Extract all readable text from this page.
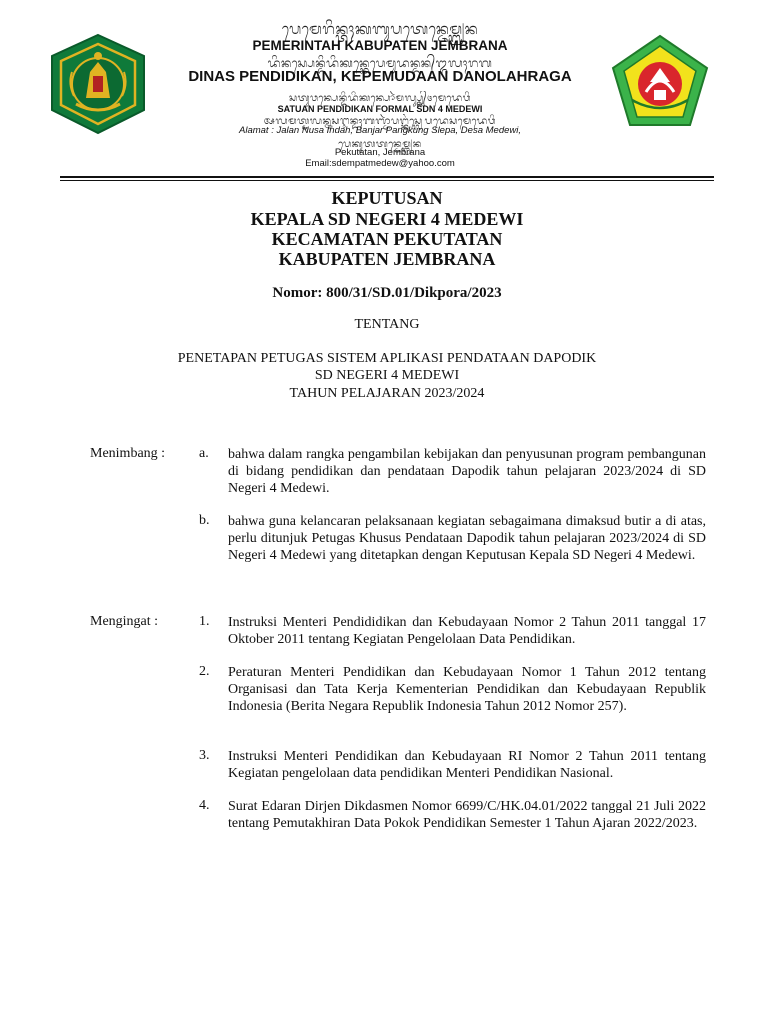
ᬧᬾᬫᬾᬭᬶᬦ᭄ᬢᬄᬓᬩᬸᬧᬢᬾᬦ᭄ᬚᬾᬫ᭄ᬩ᭄ᬭᬦ
PEMERINTAH KABUPATEN JEMBRANA
ᬤᬶᬦᬲ᭄ᬧᬾᬦ᭄ᬤᬶᬤᬶᬓᬦ᭄ᬓᬾᬧᬾᬫᬸᬤᬦ᭄ᬤᬦ᭄ᬑᬮᬄᬭᬕ
DINAS PENDIDIKAN, KEPEMUDAAN DANOLAHRAGA
ᬲᬢᬸᬯᬦ᭄ᬧᬾᬦ᭄ᬤᬶᬤᬶᬓᬦ᭄ᬧᭀᬃᬫᬮ᭄ᬲ᭄ᬤ᭄ᬦ᭄᭔ᬫᬾᬤᬾᬯᬶ
SATUAN PENDIDIKAN FORMAL SDN 4 MEDEWI
ᬅᬮᬫᬢ᭄ᬚᬮᬦ᭄ᬦᬸᬲᬇᬦ᭄ᬤᬄᬩᬜ᭄ᬚᬃᬧᬗ᭄ᬓᬸᬂᬲ᭄ᬮᬾᬧᬤᬾᬲᬫᬾᬤᬾᬯᬶ
Alamat : Jalan Nusa Indah, Banjar Pangkung Slepa, Desa Medewi,
ᬧᬾᬓᬸᬢᬢᬦ᭄ᬚᬾᬫ᭄ᬩ᭄ᬭᬦ
Pekutatan, Jembrana
Email:sdempatmedew@yahoo.com
KEPUTUSAN
KEPALA SD NEGERI 4 MEDEWI
KECAMATAN PEKUTATAN
KABUPATEN JEMBRANA
Nomor: 800/31/SD.01/Dikpora/2023
TENTANG
PENETAPAN PETUGAS SISTEM APLIKASI PENDATAAN DAPODIK
SD NEGERI 4 MEDEWI
TAHUN PELAJARAN 2023/2024
Menimbang : a. bahwa dalam rangka pengambilan kebijakan dan penyusunan program pembangunan di bidang pendidikan dan pendataan Dapodik tahun pelajaran 2023/2024 di SD Negeri 4 Medewi.
b. bahwa guna kelancaran pelaksanaan kegiatan sebagaimana dimaksud butir a di atas, perlu ditunjuk Petugas Khusus Pendataan Dapodik tahun pelajaran 2023/2024 di SD Negeri 4 Medewi yang ditetapkan dengan Keputusan Kepala SD Negeri 4 Medewi.
Mengingat :	1. Instruksi Menteri Pendididikan dan Kebudayaan Nomor 2 Tahun 2011 tanggal 17 Oktober 2011 tentang Kegiatan Pengelolaan Data Pendidikan.
2. Peraturan Menteri Pendidikan dan Kebudayaan Nomor 1 Tahun 2012 tentang Organisasi dan Tata Kerja Kementerian Pendidikan dan Kebudayaan Republik Indonesia (Berita Negara Republik Indonesia Tahun 2012 Nomor 257).
3. Instruksi Menteri Pendidikan dan Kebudayaan RI Nomor 2 Tahun 2011 tentang Kegiatan pengelolaan data pendidikan Menteri Pendidikan Nasional.
4. Surat Edaran Dirjen Dikdasmen Nomor 6699/C/HK.04.01/2022 tanggal 21 Juli 2022 tentang Pemutakhiran Data Pokok Pendidikan Semester 1 Tahun Ajaran 2022/2023.
